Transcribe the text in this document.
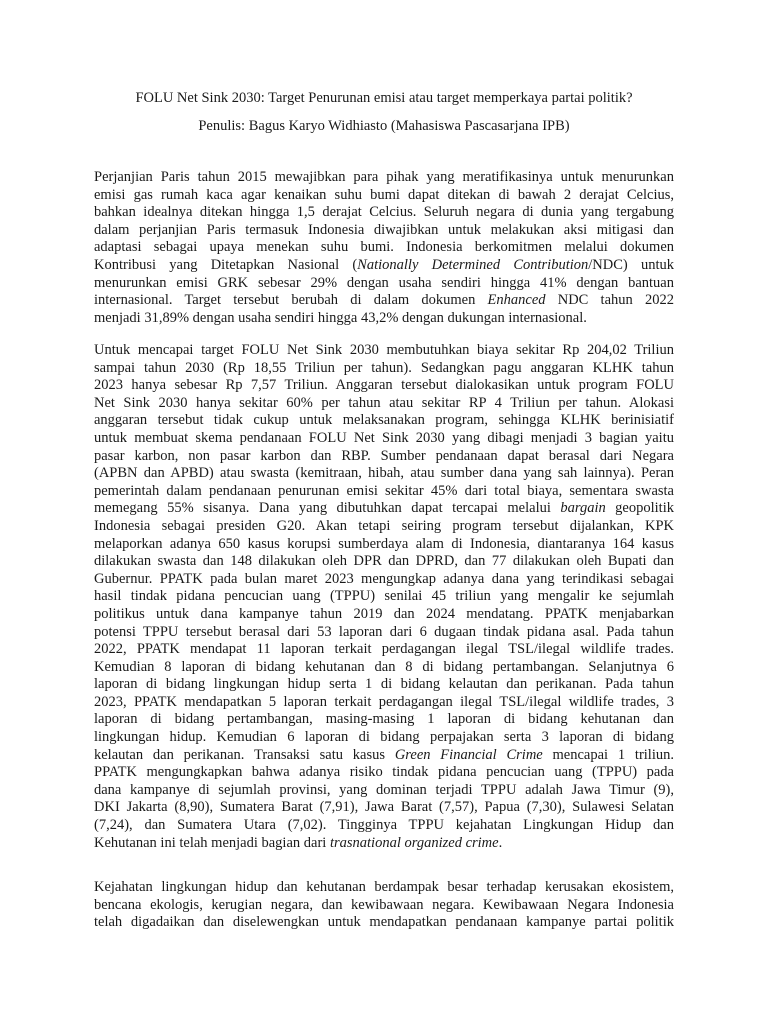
FOLU Net Sink 2030: Target Penurunan emisi atau target memperkaya partai politik?
Penulis: Bagus Karyo Widhiasto (Mahasiswa Pascasarjana IPB)
Perjanjian Paris tahun 2015 mewajibkan para pihak yang meratifikasinya untuk menurunkan
emisi gas rumah kaca agar kenaikan suhu bumi dapat ditekan di bawah 2 derajat Celcius,
bahkan idealnya ditekan hingga 1,5 derajat Celcius. Seluruh negara di dunia yang tergabung
dalam perjanjian Paris termasuk Indonesia diwajibkan untuk melakukan aksi mitigasi dan
adaptasi sebagai upaya menekan suhu bumi. Indonesia berkomitmen melalui dokumen
Kontribusi yang Ditetapkan Nasional (Nationally Determined Contribution/NDC) untuk
menurunkan emisi GRK sebesar 29% dengan usaha sendiri hingga 41% dengan bantuan
internasional. Target tersebut berubah di dalam dokumen Enhanced NDC tahun 2022
menjadi 31,89% dengan usaha sendiri hingga 43,2% dengan dukungan internasional.
Untuk mencapai target FOLU Net Sink 2030 membutuhkan biaya sekitar Rp 204,02 Triliun
sampai tahun 2030 (Rp 18,55 Triliun per tahun). Sedangkan pagu anggaran KLHK tahun
2023 hanya sebesar Rp 7,57 Triliun. Anggaran tersebut dialokasikan untuk program FOLU
Net Sink 2030 hanya sekitar 60% per tahun atau sekitar RP 4 Triliun per tahun. Alokasi
anggaran tersebut tidak cukup untuk melaksanakan program, sehingga KLHK berinisiatif
untuk membuat skema pendanaan FOLU Net Sink 2030 yang dibagi menjadi 3 bagian yaitu
pasar karbon, non pasar karbon dan RBP. Sumber pendanaan dapat berasal dari Negara
(APBN dan APBD) atau swasta (kemitraan, hibah, atau sumber dana yang sah lainnya). Peran
pemerintah dalam pendanaan penurunan emisi sekitar 45% dari total biaya, sementara swasta
memegang 55% sisanya. Dana yang dibutuhkan dapat tercapai melalui bargain geopolitik
Indonesia sebagai presiden G20. Akan tetapi seiring program tersebut dijalankan, KPK
melaporkan adanya 650 kasus korupsi sumberdaya alam di Indonesia, diantaranya 164 kasus
dilakukan swasta dan 148 dilakukan oleh DPR dan DPRD, dan 77 dilakukan oleh Bupati dan
Gubernur. PPATK pada bulan maret 2023 mengungkap adanya dana yang terindikasi sebagai
hasil tindak pidana pencucian uang (TPPU) senilai 45 triliun yang mengalir ke sejumlah
politikus untuk dana kampanye tahun 2019 dan 2024 mendatang. PPATK menjabarkan
potensi TPPU tersebut berasal dari 53 laporan dari 6 dugaan tindak pidana asal. Pada tahun
2022, PPATK mendapat 11 laporan terkait perdagangan ilegal TSL/ilegal wildlife trades.
Kemudian 8 laporan di bidang kehutanan dan 8 di bidang pertambangan. Selanjutnya 6
laporan di bidang lingkungan hidup serta 1 di bidang kelautan dan perikanan. Pada tahun
2023, PPATK mendapatkan 5 laporan terkait perdagangan ilegal TSL/ilegal wildlife trades, 3
laporan di bidang pertambangan, masing-masing 1 laporan di bidang kehutanan dan
lingkungan hidup. Kemudian 6 laporan di bidang perpajakan serta 3 laporan di bidang
kelautan dan perikanan. Transaksi satu kasus Green Financial Crime mencapai 1 triliun.
PPATK mengungkapkan bahwa adanya risiko tindak pidana pencucian uang (TPPU) pada
dana kampanye di sejumlah provinsi, yang dominan terjadi TPPU adalah Jawa Timur (9),
DKI Jakarta (8,90), Sumatera Barat (7,91), Jawa Barat (7,57), Papua (7,30), Sulawesi Selatan
(7,24), dan Sumatera Utara (7,02). Tingginya TPPU kejahatan Lingkungan Hidup dan
Kehutanan ini telah menjadi bagian dari trasnational organized crime.
Kejahatan lingkungan hidup dan kehutanan berdampak besar terhadap kerusakan ekosistem,
bencana ekologis, kerugian negara, dan kewibawaan negara. Kewibawaan Negara Indonesia
telah digadaikan dan diselewengkan untuk mendapatkan pendanaan kampanye partai politik
